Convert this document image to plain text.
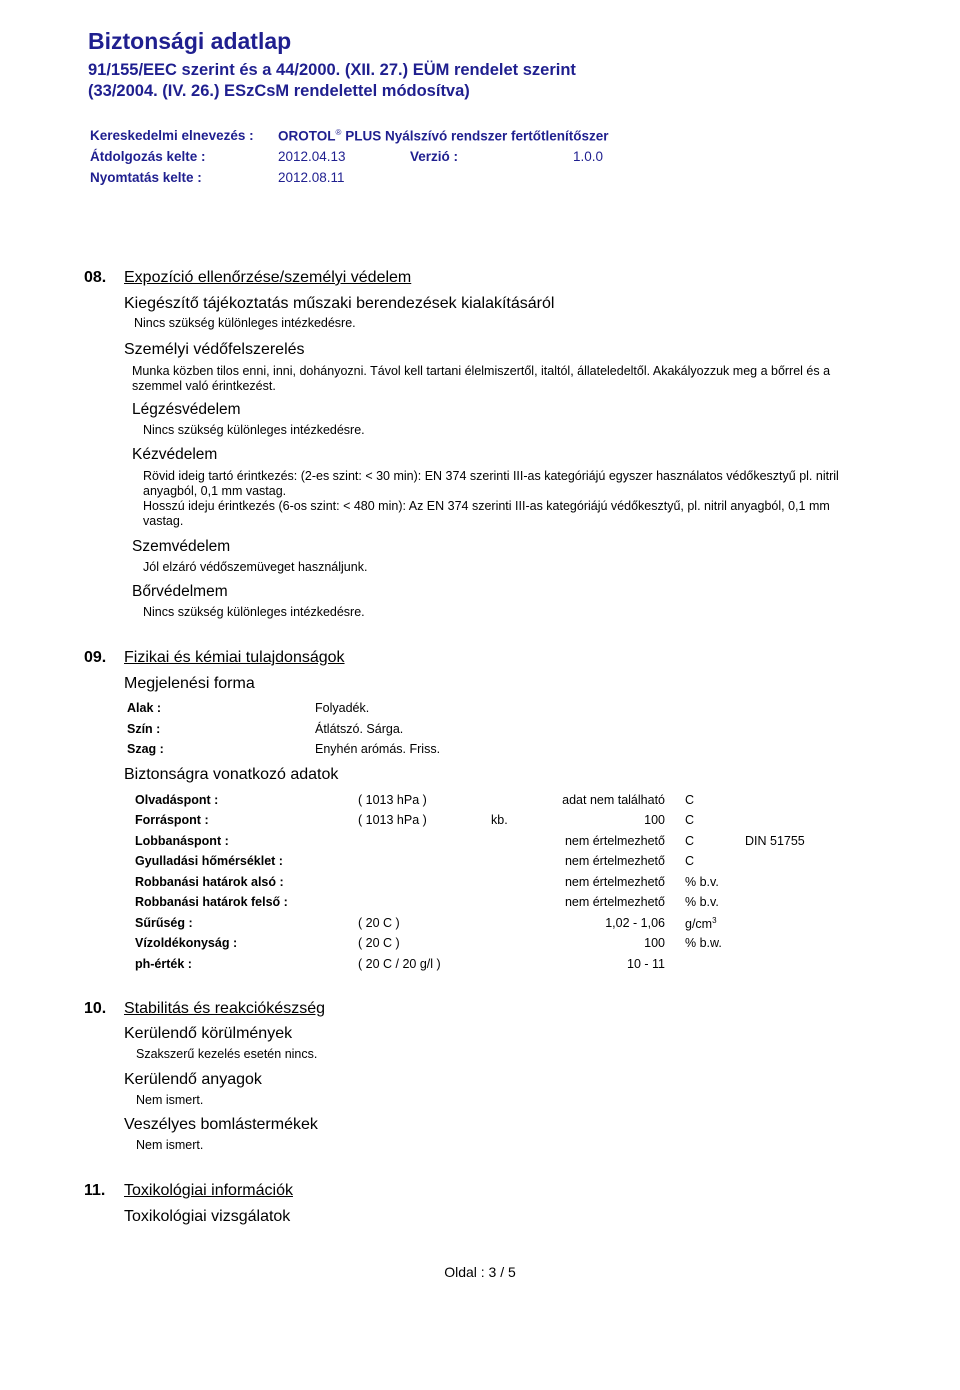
Biztonsági adatlap
91/155/EEC szerint és a 44/2000. (XII. 27.) EÜM rendelet szerint
(33/2004. (IV. 26.) ESzCsM rendelettel módosítva)
Kereskedelmi elnevezés : OROTOL® PLUS Nyálszívó rendszer fertőtlenítőszer
Átdolgozás kelte :	2012.04.13	Verzió :	1.0.0
Nyomtatás kelte :	2012.08.11
08. Expozíció ellenőrzése/személyi védelem
Kiegészítő tájékoztatás műszaki berendezések kialakításáról
Nincs szükség különleges intézkedésre.
Személyi védőfelszerelés
Munka közben tilos enni, inni, dohányozni. Távol kell tartani élelmiszertől, italtól, állateledeltől. Akakályozzuk meg a bőrrel és a szemmel való érintkezést.
Légzésvédelem
Nincs szükség különleges intézkedésre.
Kézvédelem
Rövid ideig tartó érintkezés: (2-es szint: < 30 min): EN 374 szerinti III-as kategóriájú egyszer használatos védőkesztyű pl. nitril anyagból, 0,1 mm vastag.
Hosszú ideju érintkezés (6-os szint: < 480 min): Az EN 374 szerinti III-as kategóriájú védőkesztyű, pl. nitril anyagból, 0,1 mm vastag.
Szemvédelem
Jól elzáró védőszemüveget használjunk.
Bőrvédelmem
Nincs szükség különleges intézkedésre.
09. Fizikai és kémiai tulajdonságok
Megjelenési forma
Alak :	Folyadék.
Szín :	Átlátszó. Sárga.
Szag :	Enyhén arómás. Friss.
Biztonságra vonatkozó adatok
Olvadáspont :	( 1013 hPa )	adat nem található C
Forráspont :	( 1013 hPa )	kb.	100 C
Lobbanáspont :	nem értelmezhető C	DIN 51755
Gyulladási hőmérséklet :	nem értelmezhető C
Robbanási határok alsó :	nem értelmezhető % b.v.
Robbanási határok felső :	nem értelmezhető % b.v.
Sűrűség :	( 20 C )	1,02 - 1,06 $g/cm^3$
Vízoldékonyság :	( 20 C )	100 % b.w.
ph-érték :	( 20 C / 20 g/l )	10 - 11
10. Stabilitás és reakciókészség
Kerülendő körülmények
Szakszerű kezelés esetén nincs.
Kerülendő anyagok
Nem ismert.
Veszélyes bomlástermékek
Nem ismert.
11. Toxikológiai információk
Toxikológiai vizsgálatok
Oldal : 3 / 5
